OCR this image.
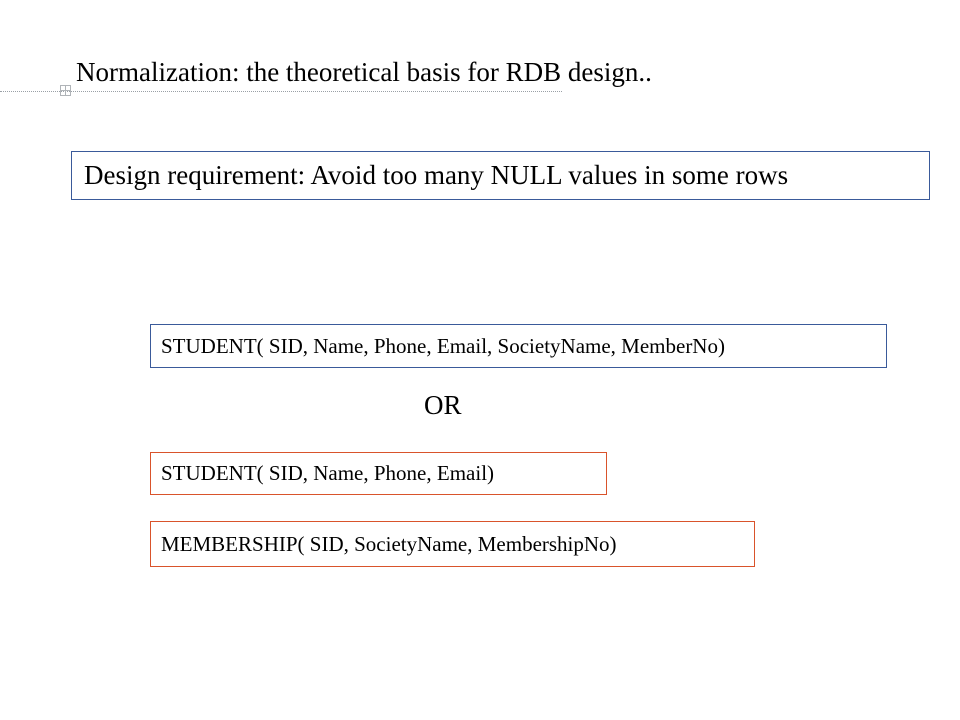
Normalization: the theoretical basis for RDB design..
Design requirement: Avoid too many NULL values in some rows
STUDENT( SID, Name, Phone, Email, SocietyName, MemberNo)
OR
STUDENT( SID, Name, Phone, Email)
MEMBERSHIP( SID, SocietyName, MembershipNo)
